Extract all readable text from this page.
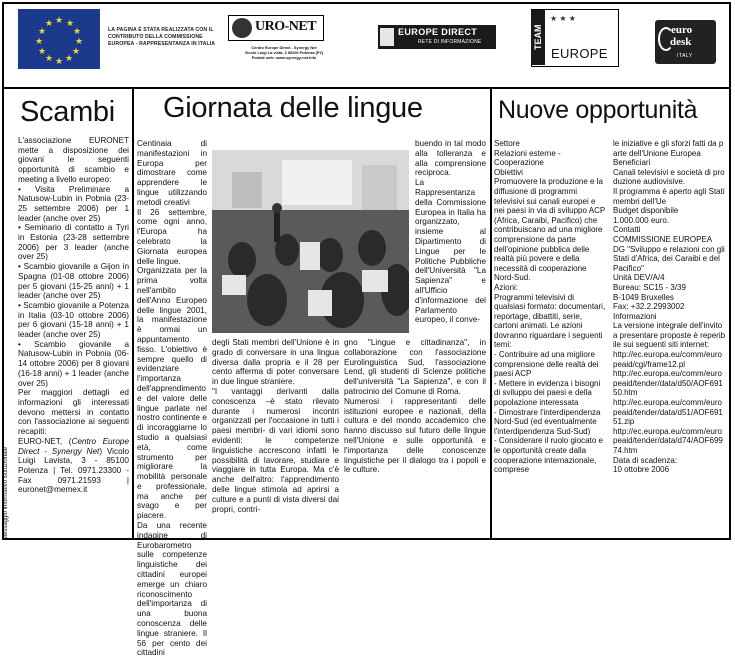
★ ★
★
★
★
★
★
★
★
★
★
★
LA PAGINA È STATA REALIZZATA CON IL CONTRIBUTO DELLA COMMISSIONE EUROPEA - RAPPRESENTANZA IN ITALIA
URO-NET
Centro Europe Direct - Synergy Net
Vicolo Luigi La vista, 3 85100 Potenza (PZ)
Portale web: www.synergy-net.info
EUROPE DIRECT
RETE DI INFORMAZIONE	TEAM
★ ★ ★
EUROPE
euro
desk
ITALY
Messaggio informativo istituzionale
Scambi

L'associazione EURONET mette a disposizione dei giovani le seguenti opportunità di scambio e meeting a livello europeo:

• Visita Preliminare a Natusow-Lubin in Pobnia (23-25 settembre 2006) per 1 leader (anche over 25)

• Seminario di contatto a Tyri in Estonia (23-28 settembre 2006) per 3 leader (anche over 25)

• Scambio giovanile a Gijon in Spagna (01-08 ottobre 2006) per 5 giovani (15-25 anni) + 1 leader (anche over 25)

• Scambio giovanile a Potenza in Italia (03-10 ottobre 2006) per 6 giovani (15-18 anni) + 1 leader (anche over 25)

• Scambio giovanile a Natusow-Lubin in Pobnia (06-14 ottobre 2006) per 8 giovani (16-18 anni) + 1 leader (anche over 25)

Per maggiori dettagli ed informazioni gli interessati devono mettersi in contatto con l'associazione ai seguenti recapiti:

EURO-NET, (Centro Europe Direct - Synergy Net) Vicolo Luigi Lavista, 3 - 85100 Potenza | Tel. 0971.23300 - Fax 0971.21593 | euronet@memex.it

Giornata delle lingue

Centinaia di manifestazioni in Europa per dimostrare come apprendere le lingue utilizzando metodi creativi

Il 26 settembre, come ogni anno, l'Europa ha celebrato la Giornata europea delle lingue.

Organizzata per la prima volta nell'ambito dell'Anno Europeo delle lingue 2001, la manifestazione è ormai un appuntamento fisso. L'obiettivo è sempre quello di evidenziare l'importanza dell'apprendimento e del valore delle lingue parlate nel nostro continente e di incoraggiarne lo studio a qualsiasi età, come strumento per migliorare la mobilità personale e professionale, ma anche per svago e per piacere.

Da una recente indagine di Eurobarometro sulle competenze linguistiche dei cittadini europei emerge un chiaro riconoscimento dell'importanza di una buona conoscenza delle lingue straniere. Il 56 per cento dei cittadini

degli Stati membri dell'Unione è in grado di conversare in una lingua diversa dalla propria e il 28 per cento afferma di poter conversare in due lingue straniere.

"I vantaggi derivanti dalla conoscenza –è stato rilevato durante i numerosi incontri organizzati per l'occasione in tutti i paesi membri- di vari idiomi sono evidenti: le competenze linguistiche accrescono infatti le possibilità di lavorare, studiare e viaggiare in tutta Europa. Ma c'è anche dell'altro: l'apprendimento delle lingue stimola ad aprirsi a culture e a punti di vista diversi dai propri, contri-

buendo in tal modo alla tolleranza e alla comprensione reciproca.

La Rappresentanza della Commissione Europea in Italia ha organizzato, insieme al Dipartimento di Lingue per le Politiche Pubbliche dell'Università "La Sapienza" e all'Ufficio d'informazione del Parlamento europeo, il conve-

gno "Lingue e cittadinanza", in collaborazione con l'associazione Eurolinguistica Sud, l'associazione Lend, gli studenti di Scienze politiche dell'università "La Sapienza", e con il patrocinio del Comune di Roma.

Numerosi i rappresentanti delle istituzioni europee e nazionali, della cultura e del mondo accademico che hanno discusso sul futuro delle lingue nell'Unione e sulle opportunità e l'importanza delle conoscenze linguistiche per il dialogo tra i popoli e le culture.

Nuove opportunità

Settore

Relazioni esterne - Cooperazione

Obiettivi

Promuovere la produzione e la diffusione di programmi televisivi sui canali europei e nei paesi in via di sviluppo ACP (Africa, Caraibi, Pacifico) che contribuiscano ad una migliore comprensione da parte dell'opinione pubblica delle realtà più povere e della necessità di cooperazione Nord-Sud.

Azioni:

Programmi televisivi di qualsiasi formato: documentari, reportage, dibattiti, serie, cartoni animati. Le azioni dovranno riguardare i seguenti temi:

- Contribuire ad una migliore comprensione delle realtà dei paesi ACP

- Mettere in evidenza i bisogni di sviluppo dei paesi e della popolazione interessata

- Dimostrare l'interdipendenza Nord-Sud (ed eventualmente l'interdipendenza Sud-Sud)

- Considerare il ruolo giocato e le opportunità create dalla cooperazione internazionale, comprese

le iniziative e gli sforzi fatti da parte dell'Unione Europea

Beneficiari

Canali televisivi e società di produzione audiovisive.

Il programma è aperto agli Stati membri dell'Ue

Budget disponibile

1.000.000 euro.

Contatti

COMMISSIONE EUROPEA

DG "Sviluppo e relazioni con gli Stati d'Africa, dei Caraibi e del Pacifico"

Unità DEV/A/4

Bureau: SC15 - 3/39

B-1049 Bruxelles

Fax: +32.2.2993002

Informazioni

La versione integrale dell'invito a presentare proposte è reperibile sui seguenti siti internet:

http://ec.europa.eu/comm/europeaid/cgi/frame12.pl

http://ec.europa.eu/comm/europeaid/tender/data/d50/AOF69150.htm

http://ec.europa.eu/comm/europeaid/tender/data/d51/AOF69151.zip

http://ec.europa.eu/comm/europeaid/tender/data/d74/AOF69974.htm

Data di scadenza:

10 ottobre 2006
